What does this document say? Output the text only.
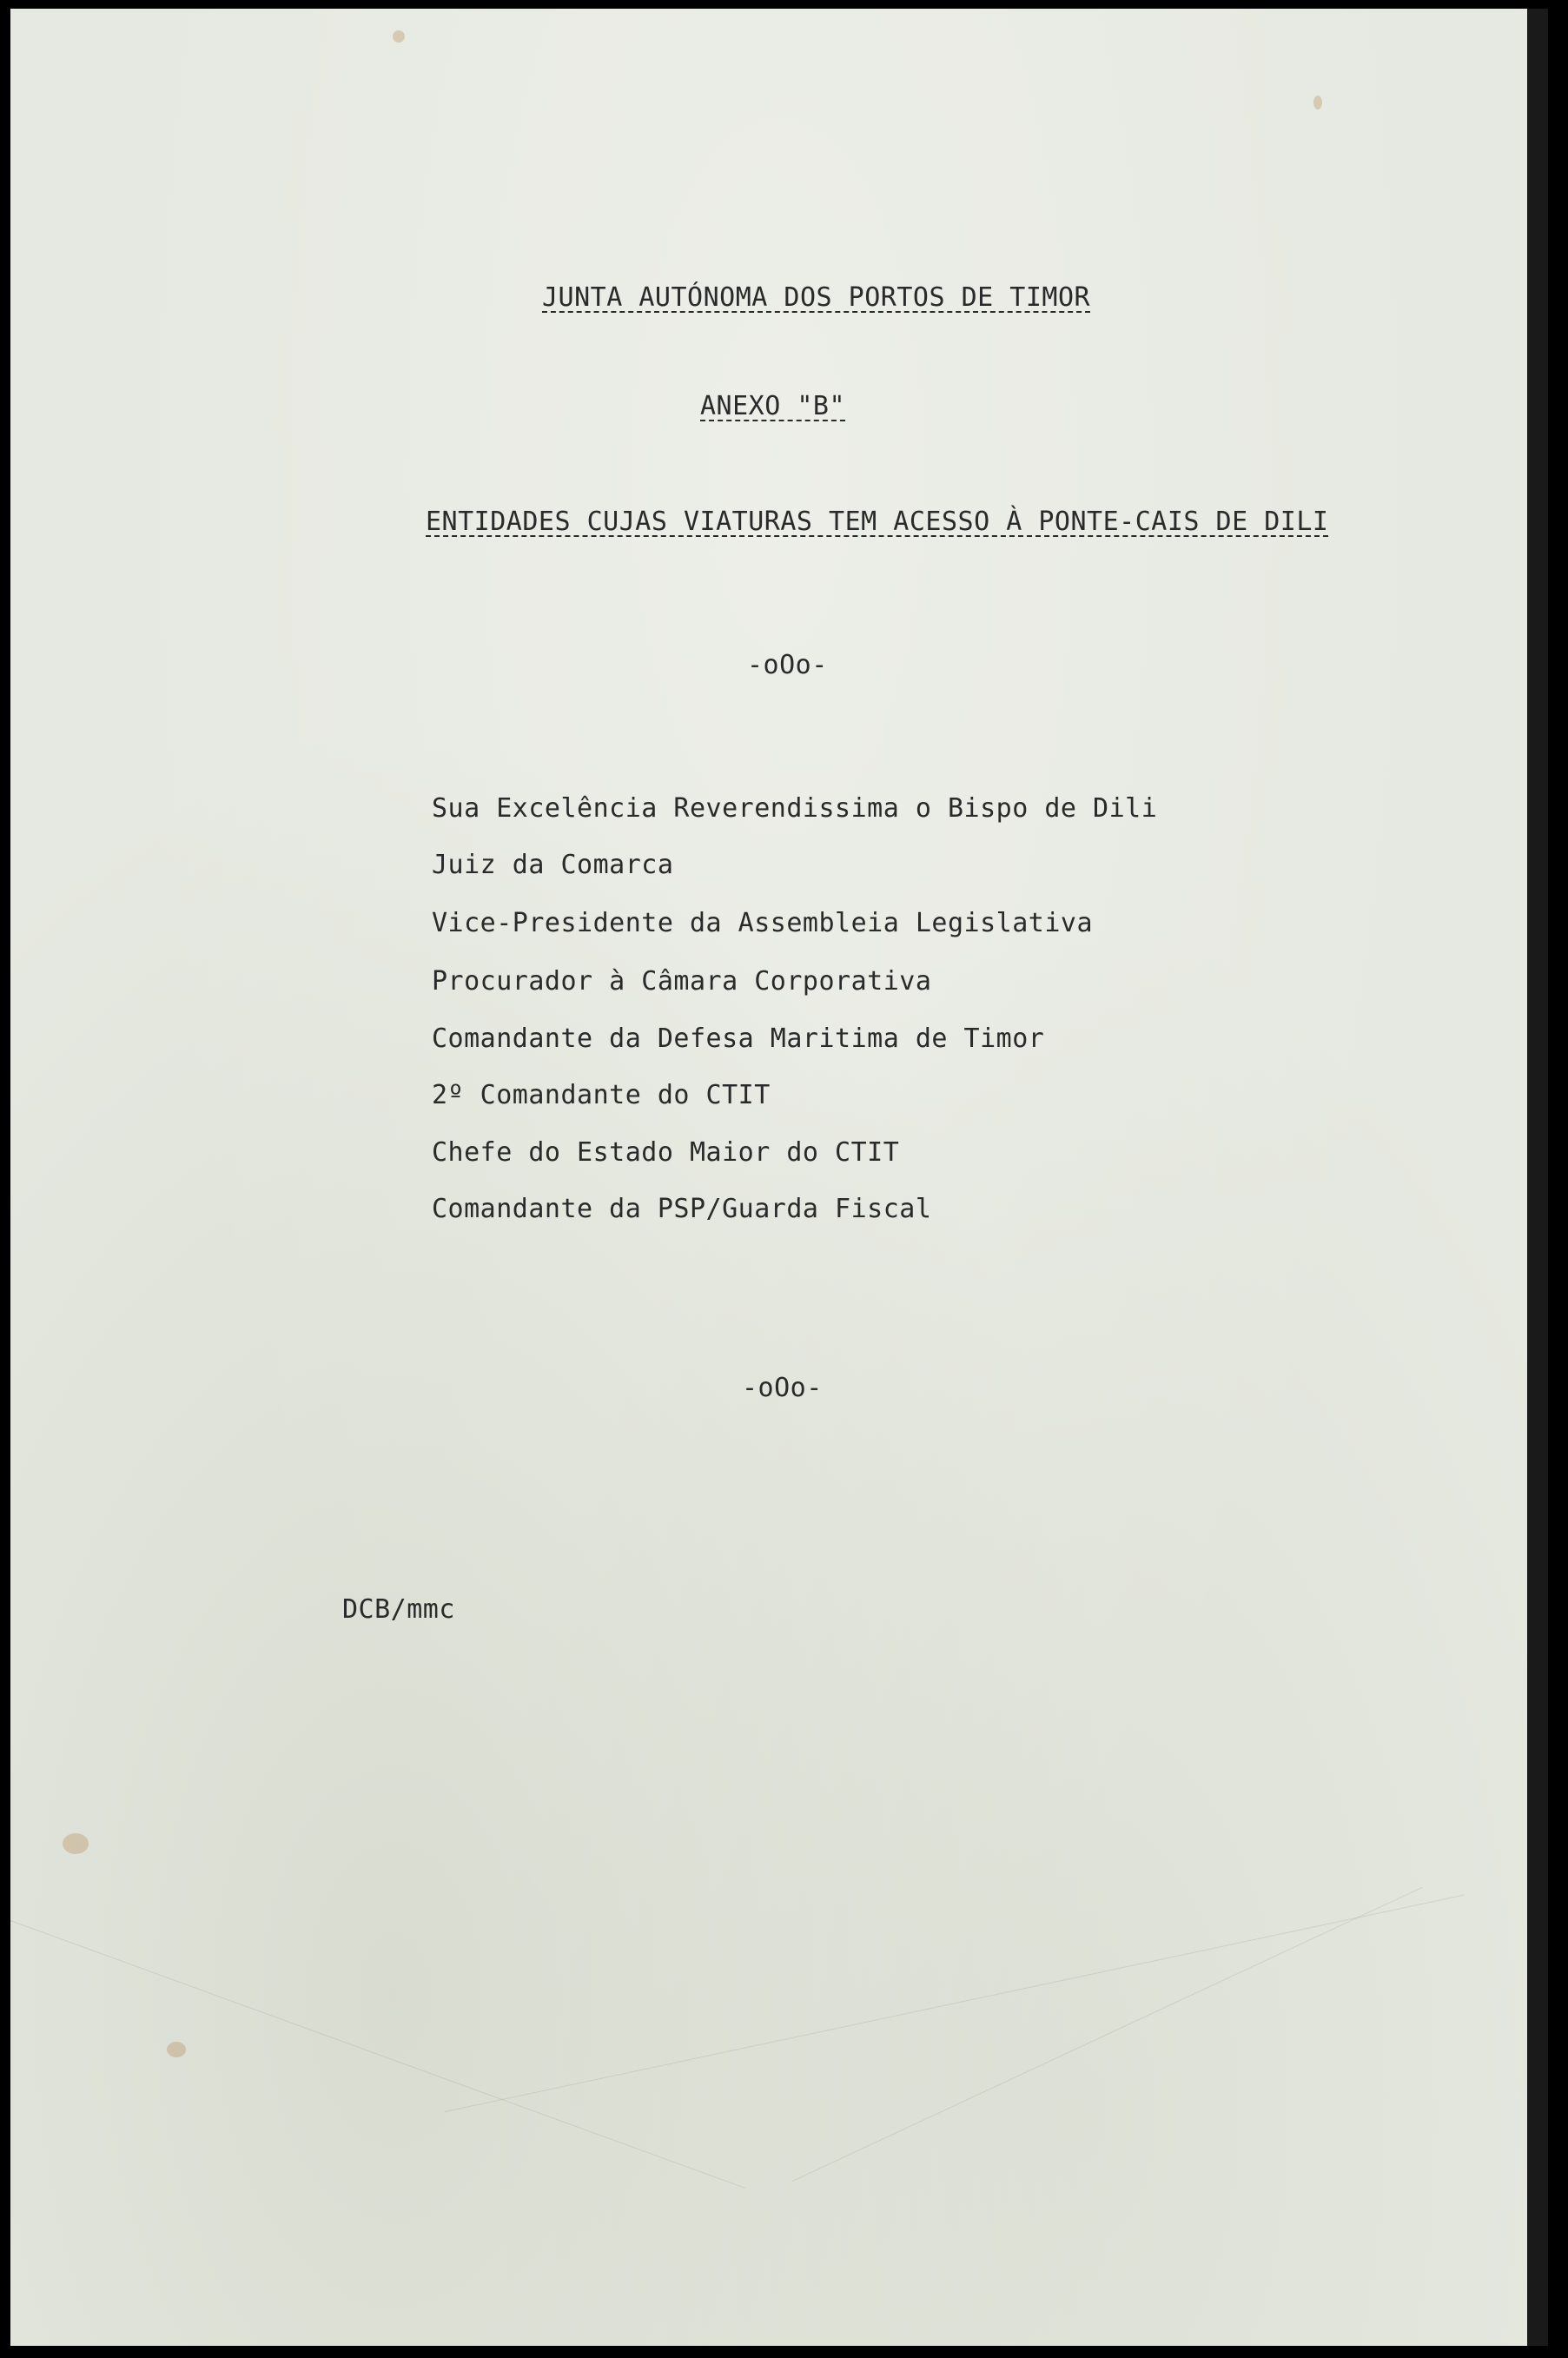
JUNTA AUTÓNOMA DOS PORTOS DE TIMOR
ANEXO "B"
ENTIDADES CUJAS VIATURAS TEM ACESSO À PONTE-CAIS DE DILI
-oOo-
Sua Excelência Reverendissima o Bispo de Dili
Juiz da Comarca
Vice-Presidente da Assembleia Legislativa
Procurador à Câmara Corporativa
Comandante da Defesa Maritima de Timor
2º Comandante do CTIT
Chefe do Estado Maior do CTIT
Comandante da PSP/Guarda Fiscal
-oOo-
DCB/mmc
